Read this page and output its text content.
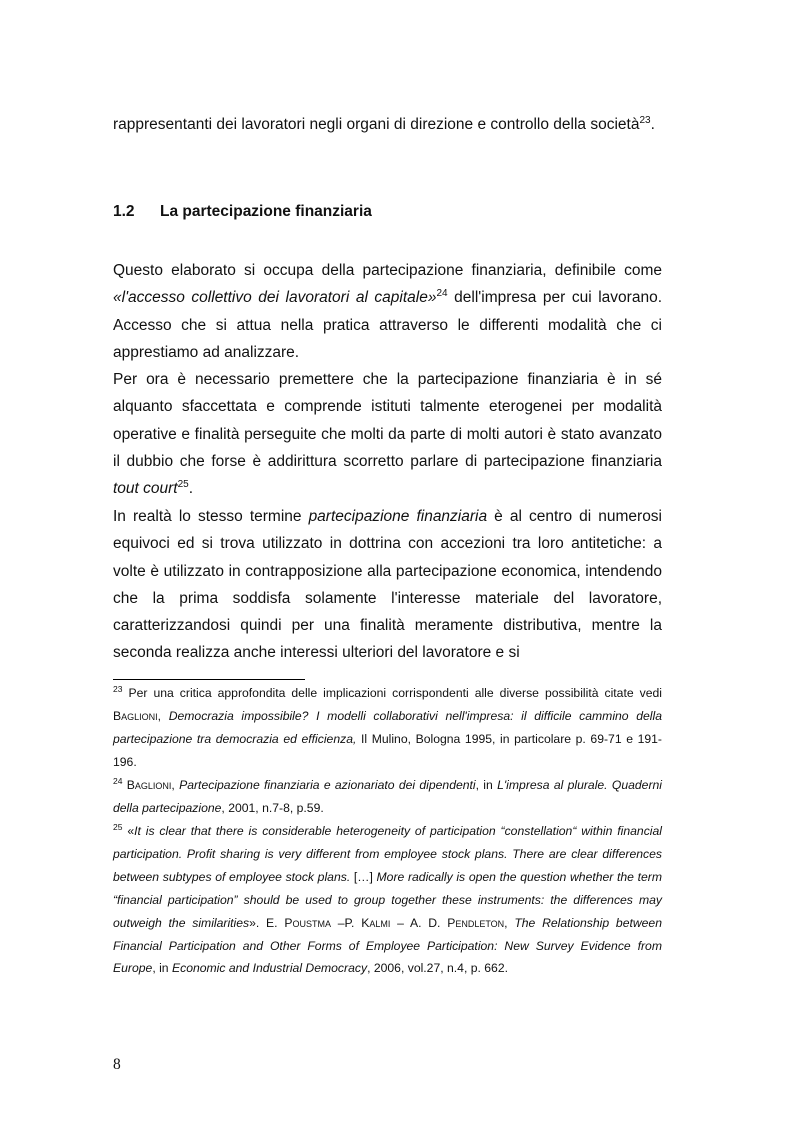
rappresentanti dei lavoratori negli organi di direzione e controllo della società$^{23}$.

1.2 La partecipazione finanziaria

Questo elaborato si occupa della partecipazione finanziaria, definibile come «l'accesso collettivo dei lavoratori al capitale»$^{24}$ dell'impresa per cui lavorano. Accesso che si attua nella pratica attraverso le differenti modalità che ci apprestiamo ad analizzare.

Per ora è necessario premettere che la partecipazione finanziaria è in sé alquanto sfaccettata e comprende istituti talmente eterogenei per modalità operative e finalità perseguite che molti da parte di molti autori è stato avanzato il dubbio che forse è addirittura scorretto parlare di partecipazione finanziaria tout court$^{25}$.

In realtà lo stesso termine partecipazione finanziaria è al centro di numerosi equivoci ed si trova utilizzato in dottrina con accezioni tra loro antitetiche: a volte è utilizzato in contrapposizione alla partecipazione economica, intendendo che la prima soddisfa solamente l'interesse materiale del lavoratore, caratterizzandosi quindi per una finalità meramente distributiva, mentre la seconda realizza anche interessi ulteriori del lavoratore e si

$^{23}$ Per una critica approfondita delle implicazioni corrispondenti alle diverse possibilità citate vedi Baglioni, Democrazia impossibile? I modelli collaborativi nell'impresa: il difficile cammino della partecipazione tra democrazia ed efficienza, Il Mulino, Bologna 1995, in particolare p. 69-71 e 191-196.

$^{24}$ Baglioni, Partecipazione finanziaria e azionariato dei dipendenti, in L'impresa al plurale. Quaderni della partecipazione, 2001, n.7-8, p.59.

$^{25}$ «It is clear that there is considerable heterogeneity of participation “constellation“ within financial participation. Profit sharing is very different from employee stock plans. There are clear differences between subtypes of employee stock plans. […] More radically is open the question whether the term “financial participation” should be used to group together these instruments: the differences may outweigh the similarities». E. Poustma –P. Kalmi – A. D. Pendleton, The Relationship between Financial Participation and Other Forms of Employee Participation: New Survey Evidence from Europe, in Economic and Industrial Democracy, 2006, vol.27, n.4, p. 662.

8
